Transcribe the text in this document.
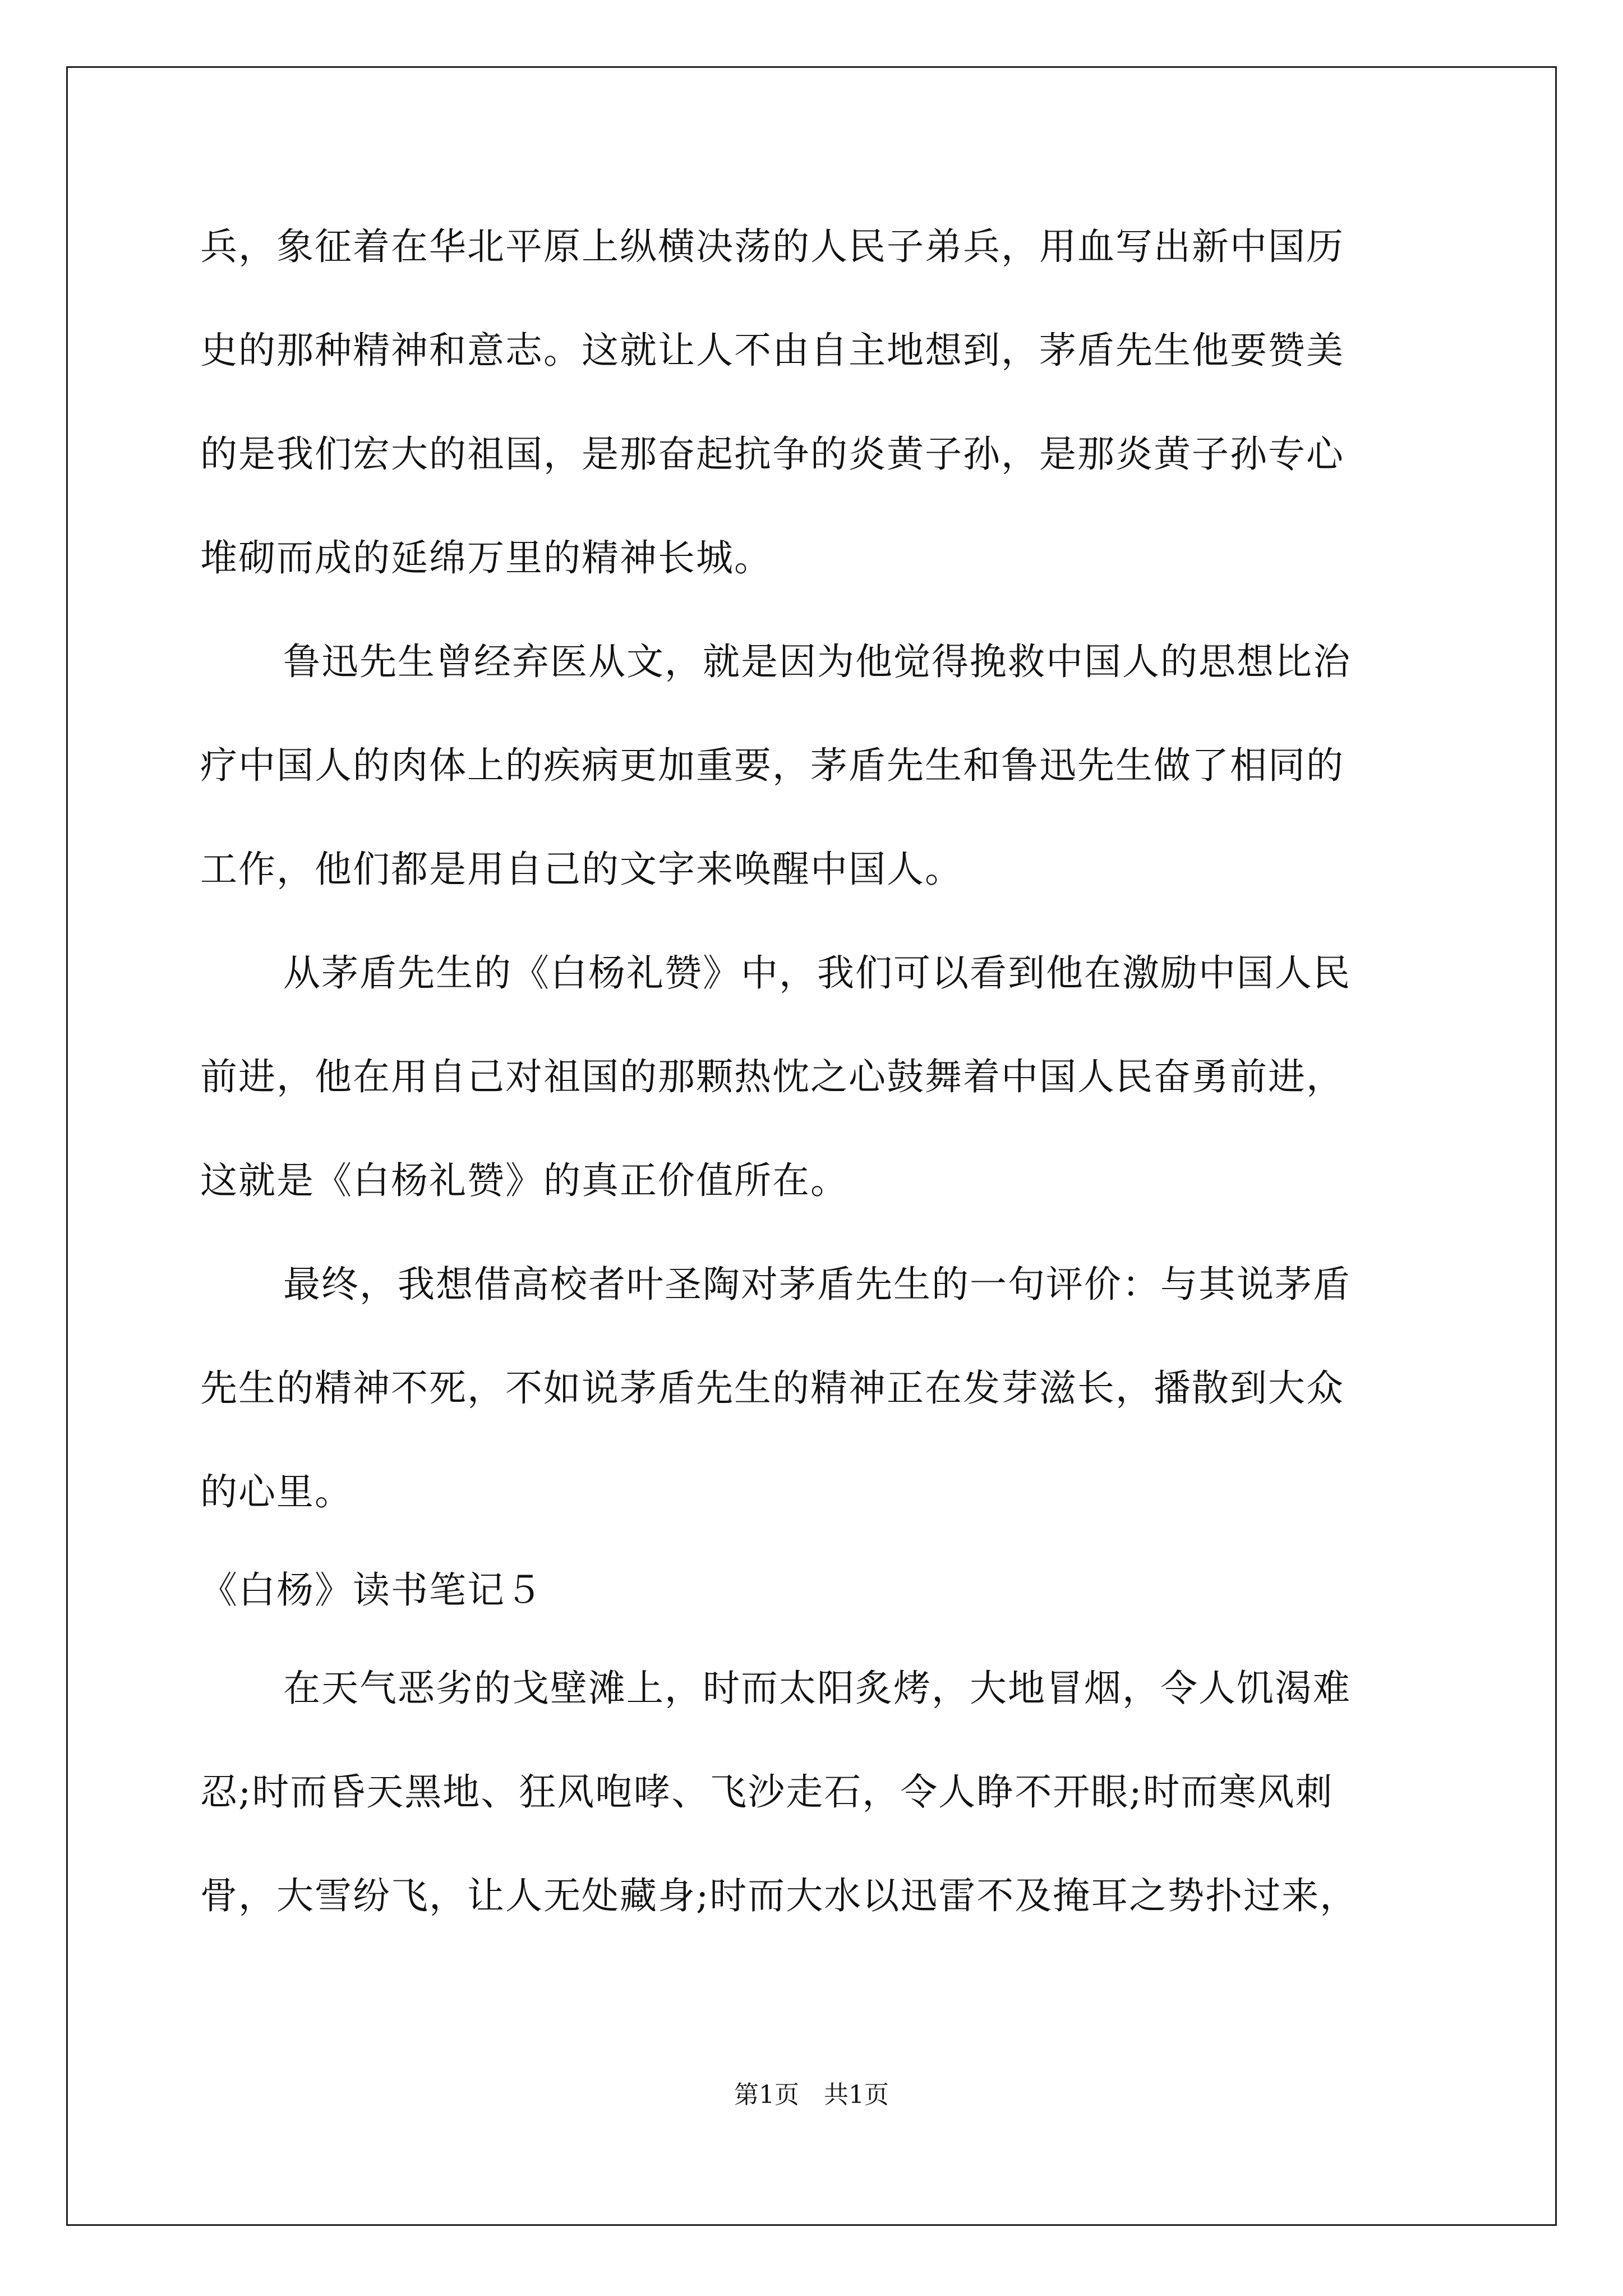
兵，象征着在华北平原上纵横决荡的人民子弟兵，用血写出新中国历
史的那种精神和意志。这就让人不由自主地想到，茅盾先生他要赞美
的是我们宏大的祖国，是那奋起抗争的炎黄子孙，是那炎黄子孙专心
堆砌而成的延绵万里的精神长城。
鲁迅先生曾经弃医从文，就是因为他觉得挽救中国人的思想比治
疗中国人的肉体上的疾病更加重要，茅盾先生和鲁迅先生做了相同的
工作，他们都是用自己的文字来唤醒中国人。
从茅盾先生的《白杨礼赞》中，我们可以看到他在激励中国人民
前进，他在用自己对祖国的那颗热忱之心鼓舞着中国人民奋勇前进，
这就是《白杨礼赞》的真正价值所在。
最终，我想借高校者叶圣陶对茅盾先生的一句评价：与其说茅盾
先生的精神不死，不如说茅盾先生的精神正在发芽滋长，播散到大众
的心里。
《白杨》读书笔记５
在天气恶劣的戈壁滩上，时而太阳炙烤，大地冒烟，令人饥渴难
忍;时而昏天黑地、狂风咆哮、飞沙走石，令人睁不开眼;时而寒风刺
骨，大雪纷飞，让人无处藏身;时而大水以迅雷不及掩耳之势扑过来，
第1页　共1页
